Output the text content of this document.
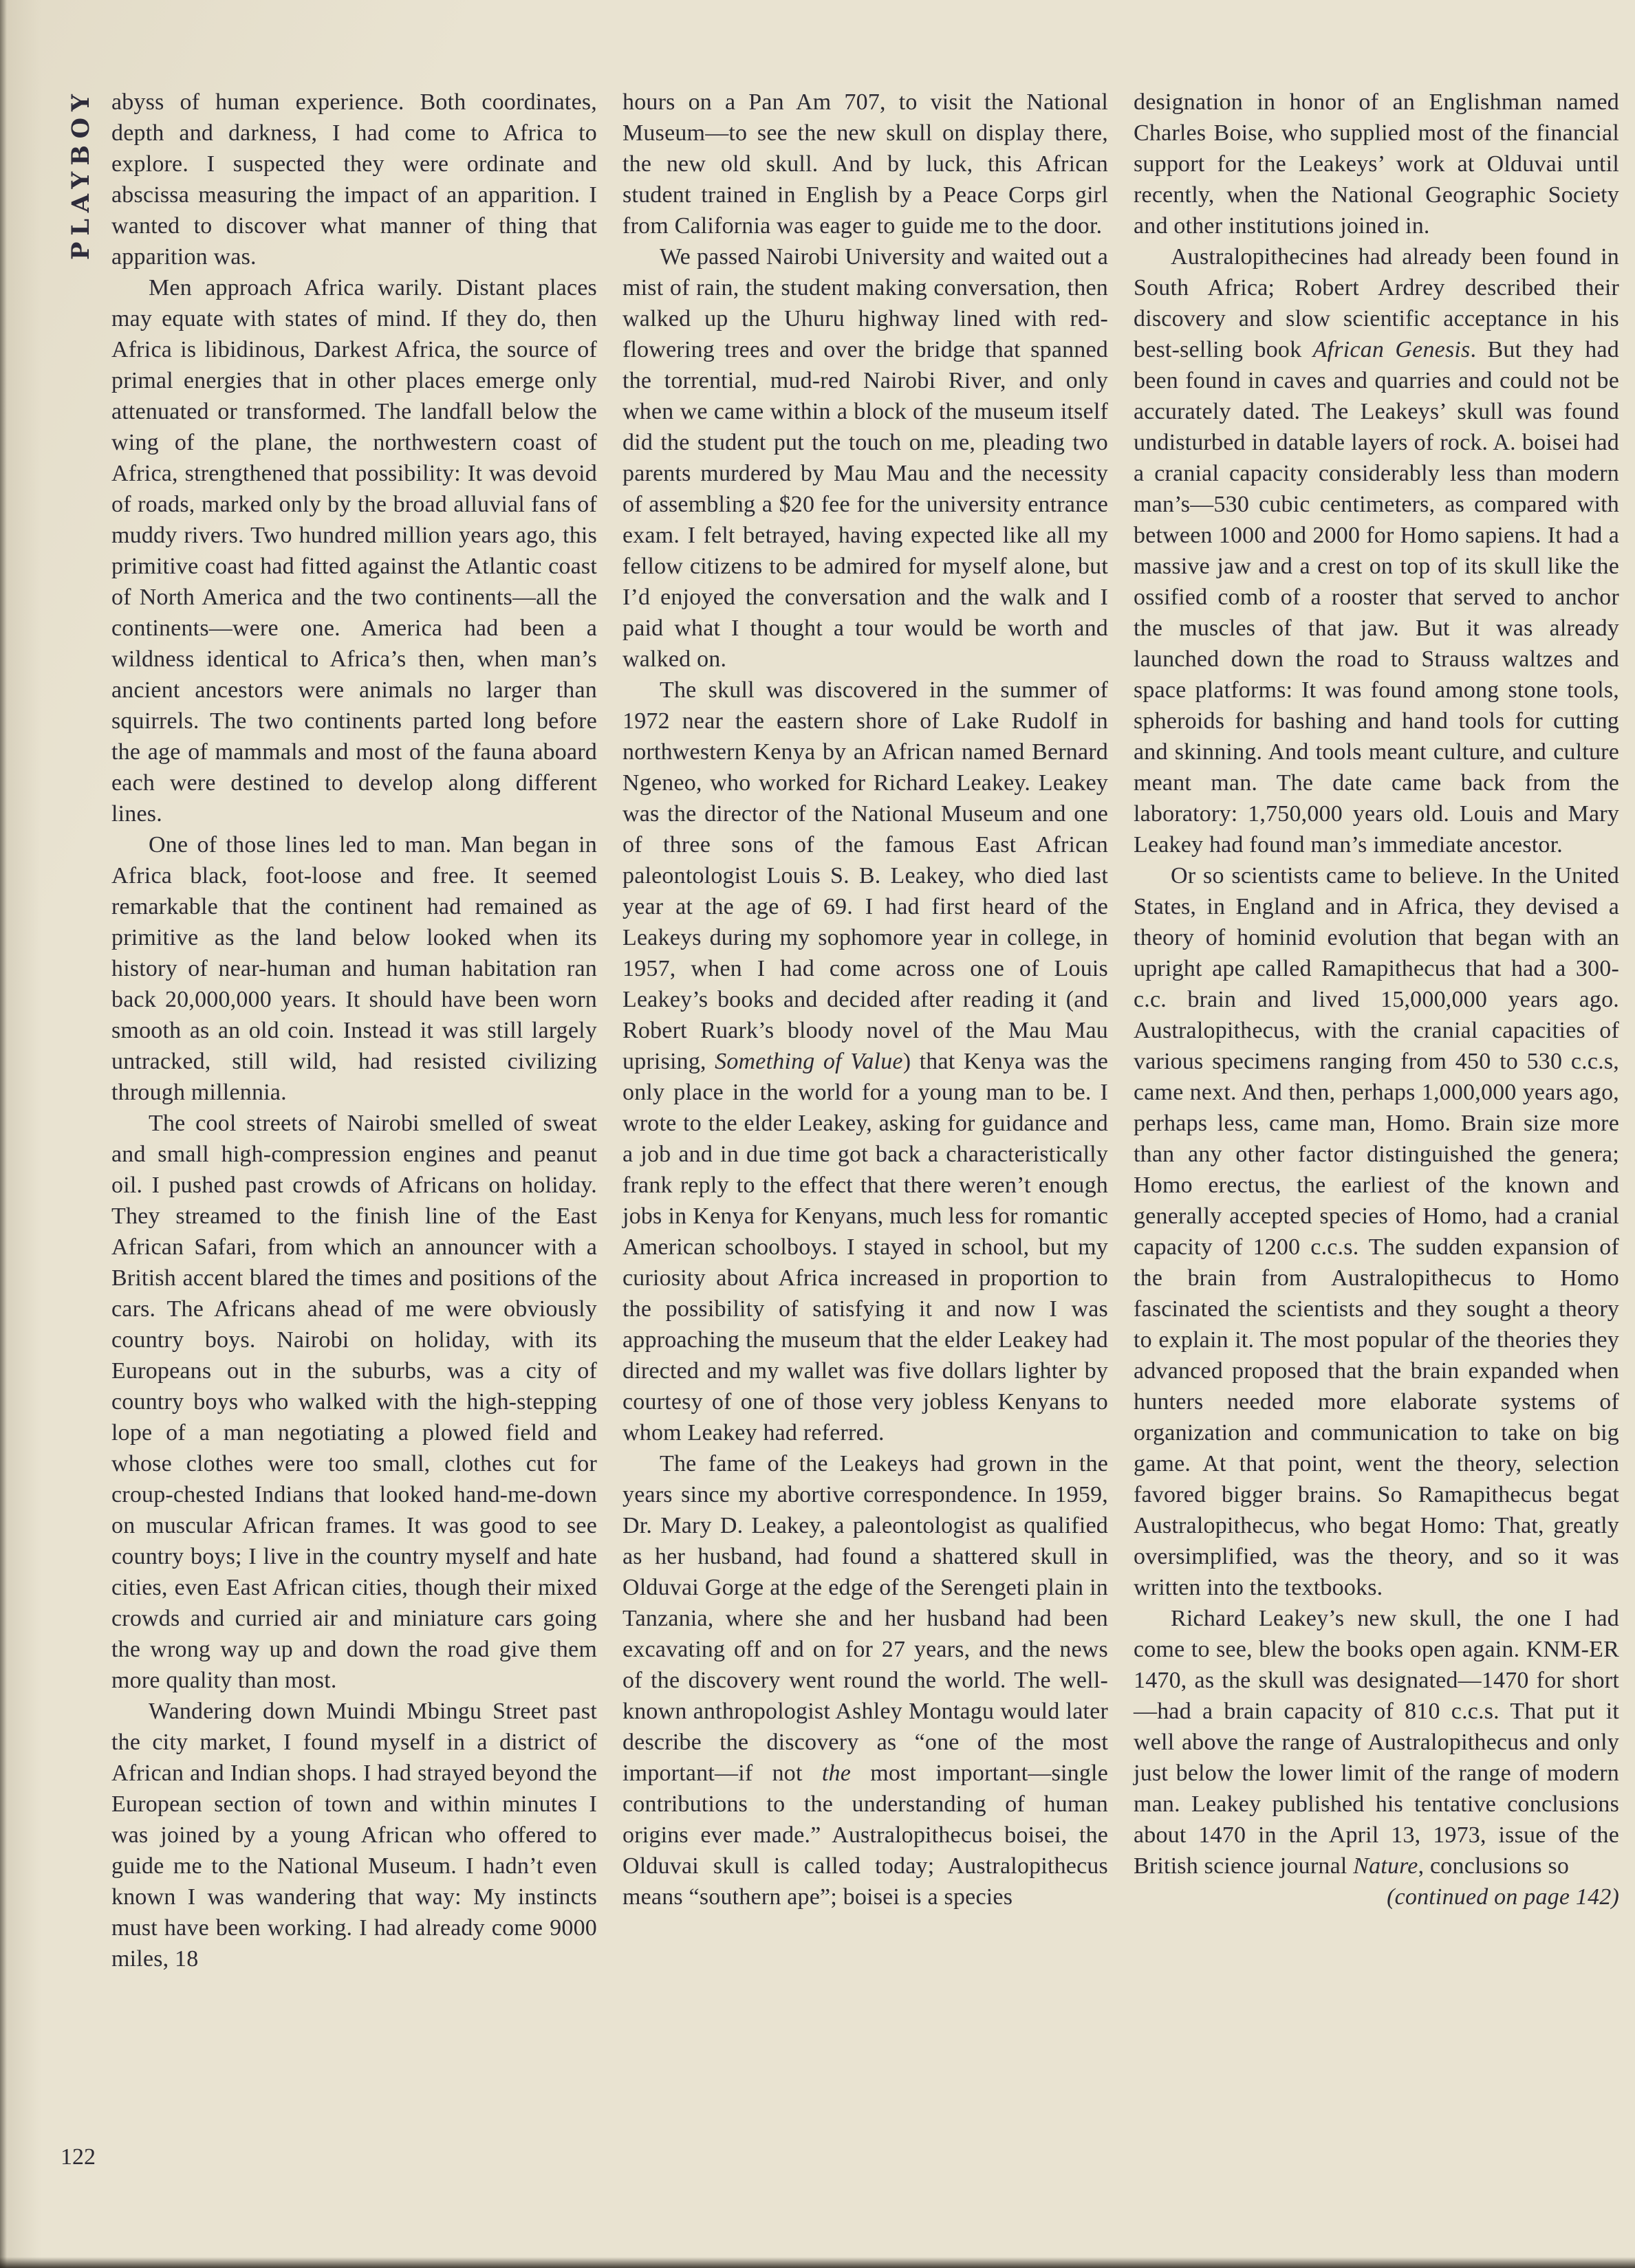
PLAYBOY abyss of human experience. Both coordinates, depth and darkness, I had come to Africa to explore. I suspected they were ordinate and abscissa measuring the impact of an apparition. I wanted to discover what manner of thing that apparition was.

Men approach Africa warily. Distant places may equate with states of mind. If they do, then Africa is libidinous, Darkest Africa, the source of primal energies that in other places emerge only attenuated or transformed. The landfall below the wing of the plane, the northwestern coast of Africa, strengthened that possibility: It was devoid of roads, marked only by the broad alluvial fans of muddy rivers. Two hundred million years ago, this primitive coast had fitted against the Atlantic coast of North America and the two continents—all the continents—were one. America had been a wildness identical to Africa’s then, when man’s ancient ancestors were animals no larger than squirrels. The two continents parted long before the age of mammals and most of the fauna aboard each were destined to develop along different lines.

One of those lines led to man. Man began in Africa black, foot-loose and free. It seemed remarkable that the continent had remained as primitive as the land below looked when its history of near-human and human habitation ran back 20,000,000 years. It should have been worn smooth as an old coin. Instead it was still largely untracked, still wild, had resisted civilizing through millennia.

The cool streets of Nairobi smelled of sweat and small high-compression engines and peanut oil. I pushed past crowds of Africans on holiday. They streamed to the finish line of the East African Safari, from which an announcer with a British accent blared the times and positions of the cars. The Africans ahead of me were obviously country boys. Nairobi on holiday, with its Europeans out in the suburbs, was a city of country boys who walked with the high-stepping lope of a man negotiating a plowed field and whose clothes were too small, clothes cut for croup-chested Indians that looked hand-me-down on muscular African frames. It was good to see country boys; I live in the country myself and hate cities, even East African cities, though their mixed crowds and curried air and miniature cars going the wrong way up and down the road give them more quality than most.

Wandering down Muindi Mbingu Street past the city market, I found myself in a district of African and Indian shops. I had strayed beyond the European section of town and within minutes I was joined by a young African who offered to guide me to the National Museum. I hadn’t even known I was wandering that way: My instincts must have been working. I had already come 9000 miles, 18

hours on a Pan Am 707, to visit the National Museum—to see the new skull on display there, the new old skull. And by luck, this African student trained in English by a Peace Corps girl from California was eager to guide me to the door.

We passed Nairobi University and waited out a mist of rain, the student making conversation, then walked up the Uhuru highway lined with red-flowering trees and over the bridge that spanned the torrential, mud-red Nairobi River, and only when we came within a block of the museum itself did the student put the touch on me, pleading two parents murdered by Mau Mau and the necessity of assembling a $20 fee for the university entrance exam. I felt betrayed, having expected like all my fellow citizens to be admired for myself alone, but I’d enjoyed the conversation and the walk and I paid what I thought a tour would be worth and walked on.

The skull was discovered in the summer of 1972 near the eastern shore of Lake Rudolf in northwestern Kenya by an African named Bernard Ngeneo, who worked for Richard Leakey. Leakey was the director of the National Museum and one of three sons of the famous East African paleontologist Louis S. B. Leakey, who died last year at the age of 69. I had first heard of the Leakeys during my sophomore year in college, in 1957, when I had come across one of Louis Leakey’s books and decided after reading it (and Robert Ruark’s bloody novel of the Mau Mau uprising, Something of Value) that Kenya was the only place in the world for a young man to be. I wrote to the elder Leakey, asking for guidance and a job and in due time got back a characteristically frank reply to the effect that there weren’t enough jobs in Kenya for Kenyans, much less for romantic American schoolboys. I stayed in school, but my curiosity about Africa increased in proportion to the possibility of satisfying it and now I was approaching the museum that the elder Leakey had directed and my wallet was five dollars lighter by courtesy of one of those very jobless Kenyans to whom Leakey had referred.

The fame of the Leakeys had grown in the years since my abortive correspondence. In 1959, Dr. Mary D. Leakey, a paleontologist as qualified as her husband, had found a shattered skull in Olduvai Gorge at the edge of the Serengeti plain in Tanzania, where she and her husband had been excavating off and on for 27 years, and the news of the discovery went round the world. The well-known anthropologist Ashley Montagu would later describe the discovery as “one of the most important—if not the most important—single contributions to the understanding of human origins ever made.” Australopithecus boisei, the Olduvai skull is called today; Australopithecus means “southern ape”; boisei is a species

designation in honor of an Englishman named Charles Boise, who supplied most of the financial support for the Leakeys’ work at Olduvai until recently, when the National Geographic Society and other institutions joined in.

Australopithecines had already been found in South Africa; Robert Ardrey described their discovery and slow scientific acceptance in his best-selling book African Genesis. But they had been found in caves and quarries and could not be accurately dated. The Leakeys’ skull was found undisturbed in datable layers of rock. A. boisei had a cranial capacity considerably less than modern man’s—530 cubic centimeters, as compared with between 1000 and 2000 for Homo sapiens. It had a massive jaw and a crest on top of its skull like the ossified comb of a rooster that served to anchor the muscles of that jaw. But it was already launched down the road to Strauss waltzes and space platforms: It was found among stone tools, spheroids for bashing and hand tools for cutting and skinning. And tools meant culture, and culture meant man. The date came back from the laboratory: 1,750,000 years old. Louis and Mary Leakey had found man’s immediate ancestor.

Or so scientists came to believe. In the United States, in England and in Africa, they devised a theory of hominid evolution that began with an upright ape called Ramapithecus that had a 300-c.c. brain and lived 15,000,000 years ago. Australopithecus, with the cranial capacities of various specimens ranging from 450 to 530 c.c.s, came next. And then, perhaps 1,000,000 years ago, perhaps less, came man, Homo. Brain size more than any other factor distinguished the genera; Homo erectus, the earliest of the known and generally accepted species of Homo, had a cranial capacity of 1200 c.c.s. The sudden expansion of the brain from Australopithecus to Homo fascinated the scientists and they sought a theory to explain it. The most popular of the theories they advanced proposed that the brain expanded when hunters needed more elaborate systems of organization and communication to take on big game. At that point, went the theory, selection favored bigger brains. So Ramapithecus begat Australopithecus, who begat Homo: That, greatly oversimplified, was the theory, and so it was written into the textbooks.

Richard Leakey’s new skull, the one I had come to see, blew the books open again. KNM-ER 1470, as the skull was designated—1470 for short—had a brain capacity of 810 c.c.s. That put it well above the range of Australopithecus and only just below the lower limit of the range of modern man. Leakey published his tentative conclusions about 1470 in the April 13, 1973, issue of the British science journal Nature, conclusions so

(continued on page 142)

122
